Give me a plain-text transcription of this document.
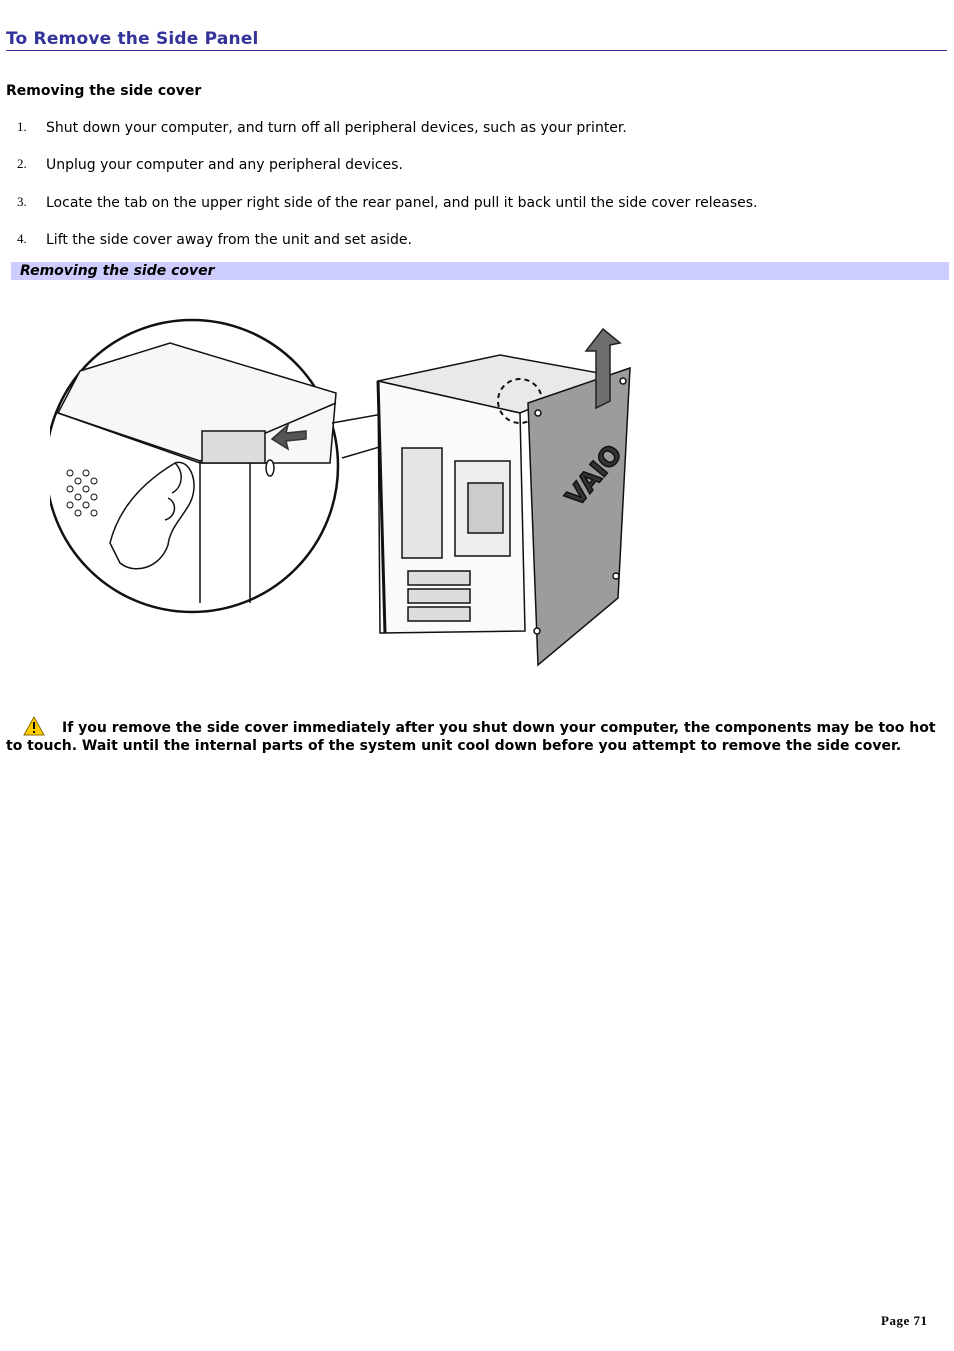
To Remove the Side Panel
Removing the side cover
1. Shut down your computer, and turn off all peripheral devices, such as your printer.
2. Unplug your computer and any peripheral devices.
3. Locate the tab on the upper right side of the rear panel, and pull it back until the side cover releases.
4. Lift the side cover away from the unit and set aside.
Removing the side cover
VAIO
If you remove the side cover immediately after you shut down your computer, the components may be too hot to touch. Wait until the internal parts of the system unit cool down before you attempt to remove the side cover.
Page 71
